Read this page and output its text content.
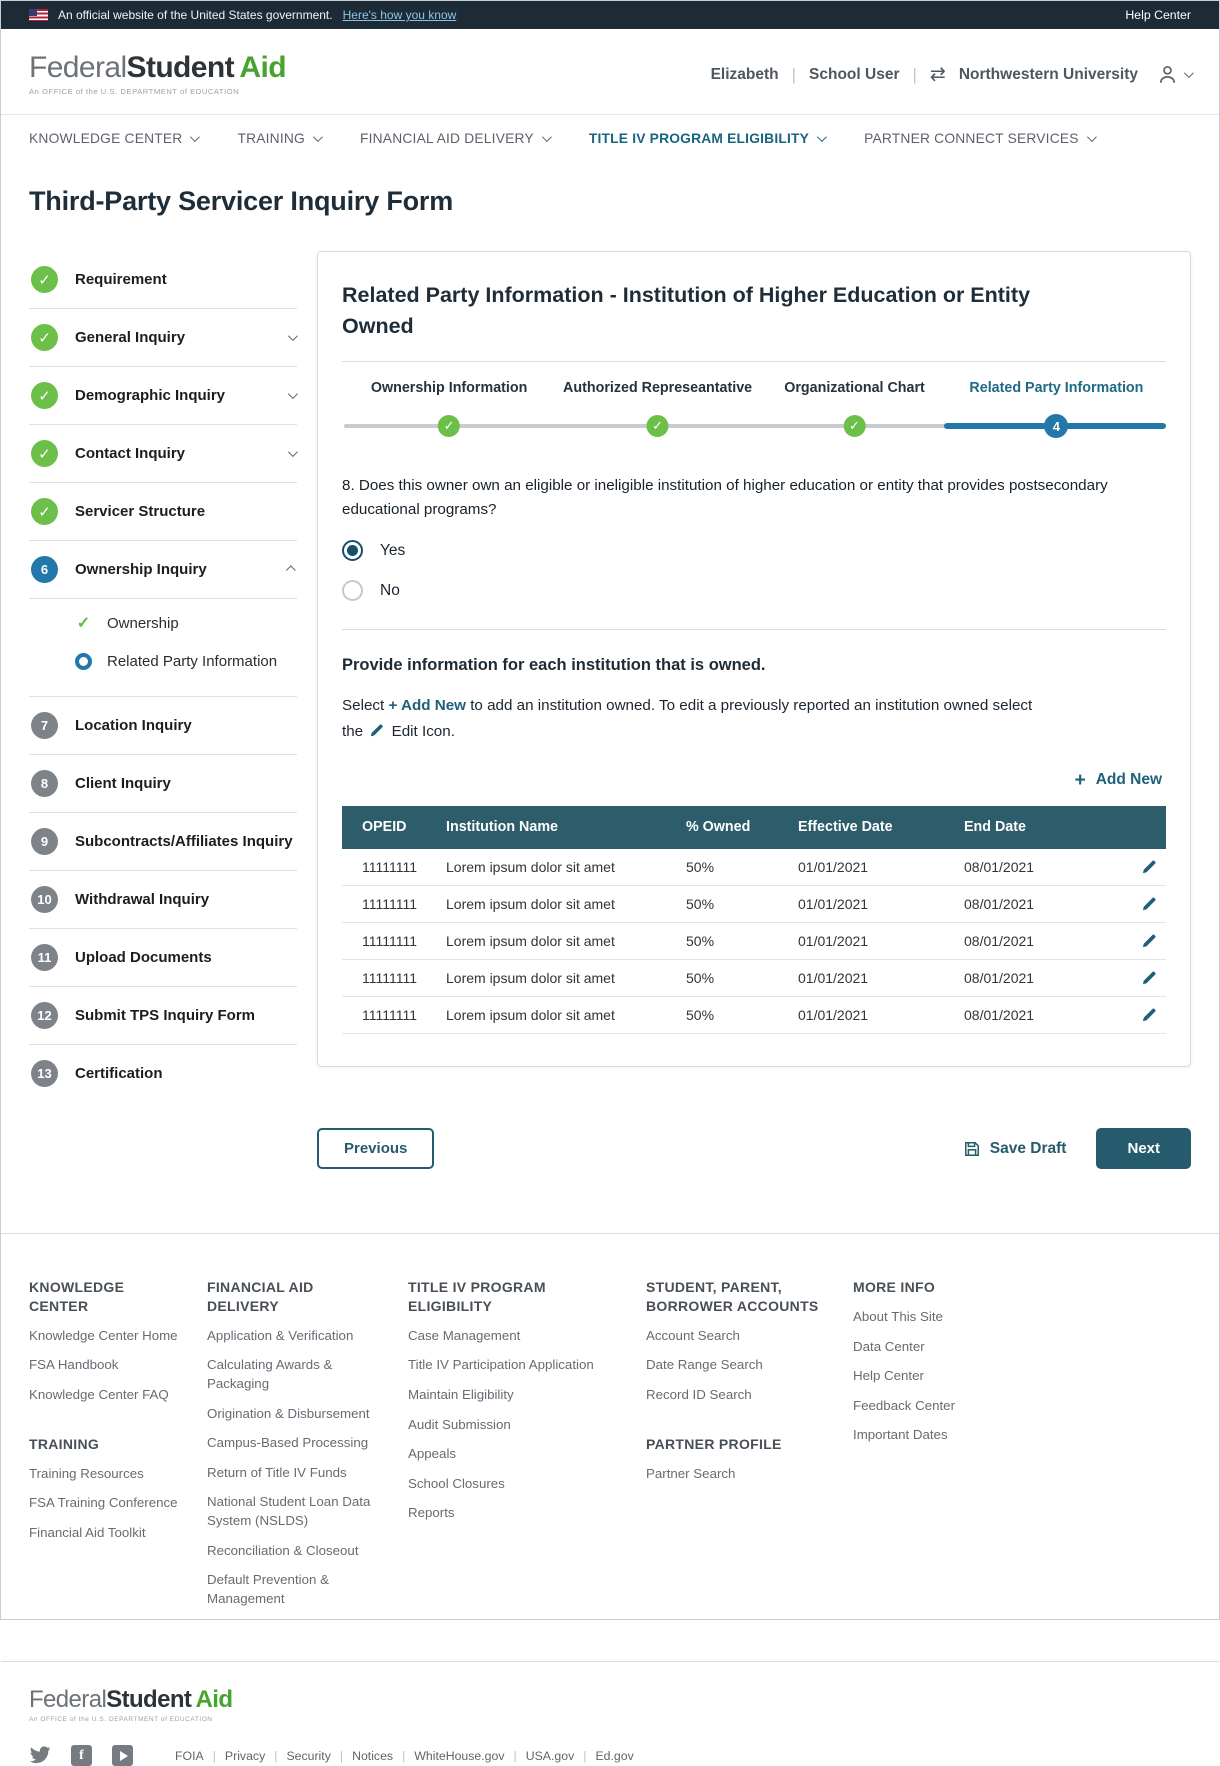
An official website of the United States government. Here's how you know	Help Center
FederalStudent  Aid
An OFFICE of the U.S. DEPARTMENT of EDUCATION
Elizabeth | School User | ⇄ Northwestern University
KNOWLEDGE CENTER	TRAINING	FINANCIAL AID DELIVERY	TITLE IV PROGRAM ELIGIBILITY	PARTNER CONNECT SERVICES
Third-Party Servicer Inquiry Form
✓	Requirement
✓	General Inquiry
✓	Demographic Inquiry
✓	Contact Inquiry
✓	Servicer Structure
6	Ownership Inquiry
✓ Ownership
Related Party Information
7	Location Inquiry
8	Client Inquiry
9	Subcontracts/Affiliates Inquiry
10	Withdrawal Inquiry
11	Upload Documents
12	Submit TPS Inquiry Form
13	Certification
Related Party Information - Institution of Higher Education or Entity Owned
Ownership Information
✓
Authorized Represeantative
✓
Organizational Chart
✓
Related Party Information
4
8. Does this owner own an eligible or ineligible institution of higher education or entity that provides postsecondary educational programs?
Yes
No
Provide information for each institution that is owned.
Select + Add New to add an institution owned. To edit a previously reported an institution owned select the Edit Icon.
+ Add New
OPEID	Institution Name	% Owned	Effective Date	End Date
11111111	Lorem ipsum dolor sit amet	50%	01/01/2021	08/01/2021
11111111	Lorem ipsum dolor sit amet	50%	01/01/2021	08/01/2021
11111111	Lorem ipsum dolor sit amet	50%	01/01/2021	08/01/2021
11111111	Lorem ipsum dolor sit amet	50%	01/01/2021	08/01/2021
11111111	Lorem ipsum dolor sit amet	50%	01/01/2021	08/01/2021
Previous	Save Draft	Next
KNOWLEDGE CENTER
Knowledge Center Home
FSA Handbook
Knowledge Center FAQ
TRAINING
Training Resources
FSA Training Conference
Financial Aid Toolkit
FINANCIAL AID DELIVERY
Application & Verification
Calculating Awards & Packaging
Origination & Disbursement
Campus-Based Processing
Return of Title IV Funds
National Student Loan Data System (NSLDS)
Reconciliation & Closeout
Default Prevention & Management
TITLE IV PROGRAM ELIGIBILITY
Case Management
Title IV Participation Application
Maintain Eligibility
Audit Submission
Appeals
School Closures
Reports
STUDENT, PARENT, BORROWER ACCOUNTS
Account Search
Date Range Search
Record ID Search
PARTNER PROFILE
Partner Search
MORE INFO
About This Site
Data Center
Help Center
Feedback Center
Important Dates
FederalStudent  Aid
An OFFICE of the U.S. DEPARTMENT of EDUCATION
f	FOIA | Privacy | Security | Notices | WhiteHouse.gov | USA.gov | Ed.gov
